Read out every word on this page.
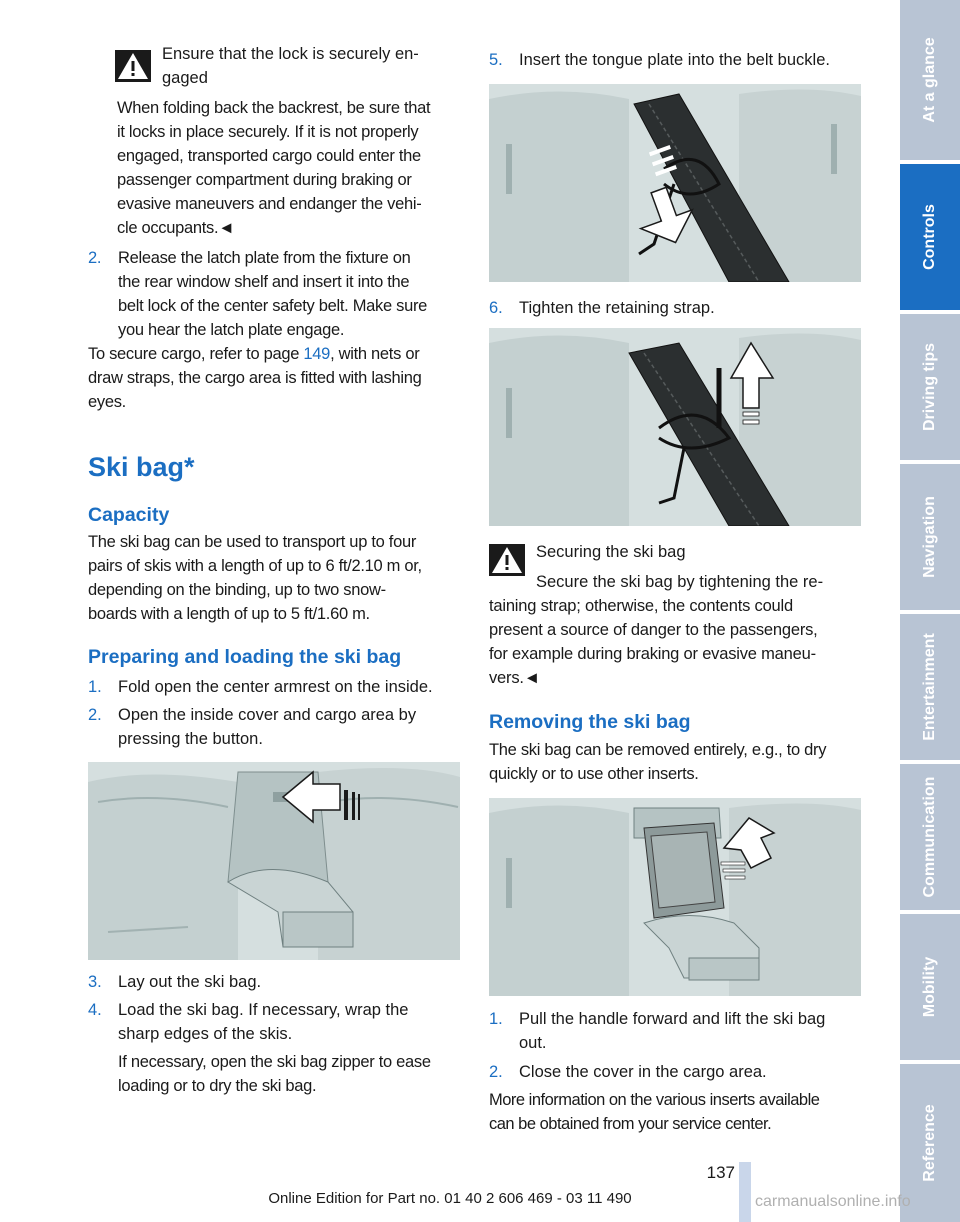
Ensure that the lock is securely en-
gaged
When folding back the backrest, be sure that
it locks in place securely. If it is not properly
engaged, transported cargo could enter the
passenger compartment during braking or
evasive maneuvers and endanger the vehi-
cle occupants.◄
2.	Release the latch plate from the fixture on
the rear window shelf and insert it into the
belt lock of the center safety belt. Make sure
you hear the latch plate engage.
To secure cargo, refer to page 149, with nets or
draw straps, the cargo area is fitted with lashing
eyes.
Ski bag*
Capacity
The ski bag can be used to transport up to four
pairs of skis with a length of up to 6 ft/2.10 m or,
depending on the binding, up to two snow-
boards with a length of up to 5 ft/1.60 m.
Preparing and loading the ski bag
1. Fold open the center armrest on the inside.
2. Open the inside cover and cargo area by
pressing the button.
3. Lay out the ski bag.
4. Load the ski bag. If necessary, wrap the
sharp edges of the skis.
If necessary, open the ski bag zipper to ease
loading or to dry the ski bag.
5. Insert the tongue plate into the belt buckle.
6. Tighten the retaining strap.
Securing the ski bag
Secure the ski bag by tightening the re-
taining strap; otherwise, the contents could
present a source of danger to the passengers,
for example during braking or evasive maneu-
vers.◄
Removing the ski bag
The ski bag can be removed entirely, e.g., to dry
quickly or to use other inserts.
1. Pull the handle forward and lift the ski bag
out.
2. Close the cover in the cargo area.
More information on the various inserts available
can be obtained from your service center.
At a glance
Controls
Driving tips
Navigation
Entertainment
Communication
Mobility
Reference
137
Online Edition for Part no. 01 40 2 606 469 - 03 11 490	carmanualsonline.info
